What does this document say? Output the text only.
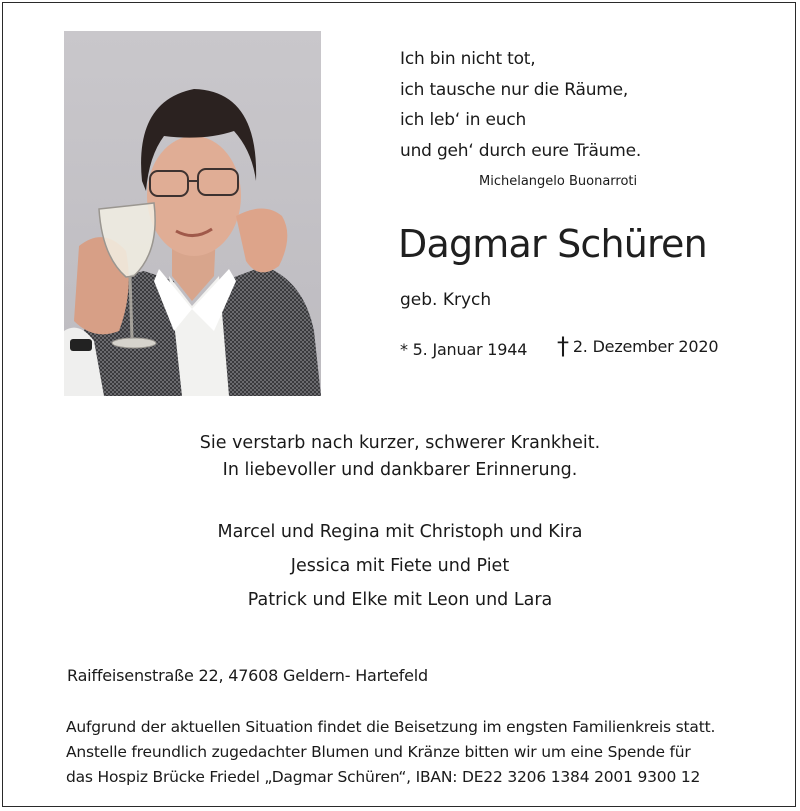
Ich bin nicht tot,
ich tausche nur die Räume,
ich leb‘ in euch
und geh‘ durch eure Träume.
Michelangelo Buonarroti
Dagmar Schüren
geb. Krych
* 5. Januar 1944 † 2. Dezember 2020
Sie verstarb nach kurzer, schwerer Krankheit.
In liebevoller und dankbarer Erinnerung.
Marcel und Regina mit Christoph und Kira
Jessica mit Fiete und Piet
Patrick und Elke mit Leon und Lara
Raiffeisenstraße 22, 47608 Geldern- Hartefeld
Aufgrund der aktuellen Situation findet die Beisetzung im engsten Familienkreis statt.
Anstelle freundlich zugedachter Blumen und Kränze bitten wir um eine Spende für
das Hospiz Brücke Friedel „Dagmar Schüren“, IBAN: DE22 3206 1384 2001 9300 12
